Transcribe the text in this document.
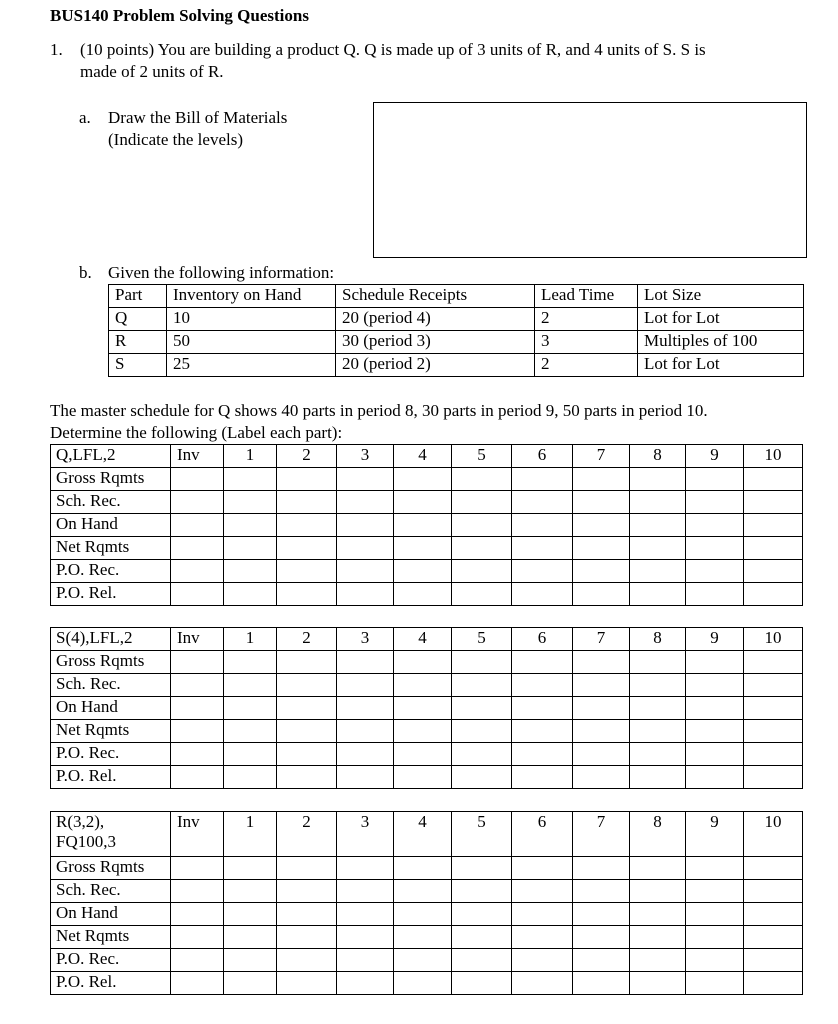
BUS140 Problem Solving Questions
1. (10 points) You are building a product Q. Q is made up of 3 units of R, and 4 units of S. S is
made of 2 units of R.
a. Draw the Bill of Materials
(Indicate the levels)
b. Given the following information:
Part	Inventory on Hand	Schedule Receipts	Lead Time	Lot Size
Q	10	20 (period 4)	2	Lot for Lot
R	50	30 (period 3)	3	Multiples of 100
S	25	20 (period 2)	2	Lot for Lot
The master schedule for Q shows 40 parts in period 8, 30 parts in period 9, 50 parts in period 10.
Determine the following (Label each part):
Q,LFL,2	Inv	1	2	3	4	5	6	7	8	9	10
Gross Rqmts											
Sch. Rec.											
On Hand											
Net Rqmts											
P.O. Rec.											
P.O. Rel.											
S(4),LFL,2	Inv	1	2	3	4	5	6	7	8	9	10
Gross Rqmts											
Sch. Rec.											
On Hand											
Net Rqmts											
P.O. Rec.											
P.O. Rel.											
R(3,2),
FQ100,3	Inv	1	2	3	4	5	6	7	8	9	10
Gross Rqmts											
Sch. Rec.											
On Hand											
Net Rqmts											
P.O. Rec.											
P.O. Rel.											
